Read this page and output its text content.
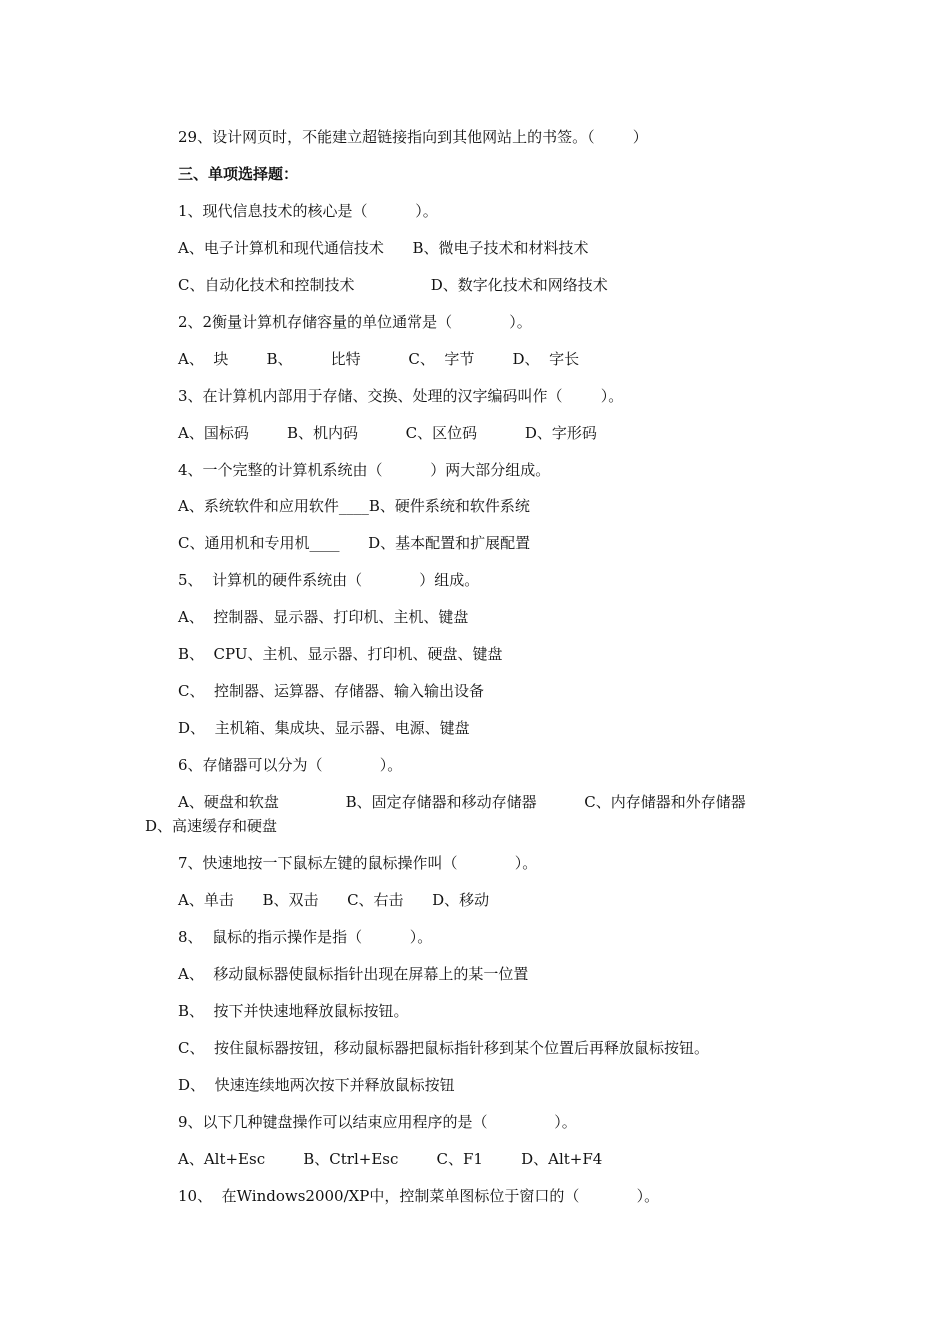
29、设计网页时，不能建立超链接指向到其他网站上的书签。（        ）
三、单项选择题：
1、现代信息技术的核心是（          ）。
A、电子计算机和现代通信技术      B、微电子技术和材料技术
C、自动化技术和控制技术                D、数字化技术和网络技术
2、2衡量计算机存储容量的单位通常是（            ）。
A、  块        B、        比特          C、  字节        D、  字长
3、在计算机内部用于存储、交换、处理的汉字编码叫作（        ）。
A、国标码        B、机内码          C、区位码          D、字形码
4、一个完整的计算机系统由（          ）两大部分组成。
A、系统软件和应用软件____B、硬件系统和软件系统
C、通用机和专用机____      D、基本配置和扩展配置
5、  计算机的硬件系统由（            ）组成。
A、  控制器、显示器、打印机、主机、键盘
B、  CPU、主机、显示器、打印机、硬盘、键盘
C、  控制器、运算器、存储器、输入输出设备
D、  主机箱、集成块、显示器、电源、键盘
6、存储器可以分为（            ）。
A、硬盘和软盘              B、固定存储器和移动存储器          C、内存储器和外存储器
D、高速缓存和硬盘
7、快速地按一下鼠标左键的鼠标操作叫（            ）。
A、单击      B、双击      C、右击      D、移动
8、  鼠标的指示操作是指（          ）。
A、  移动鼠标器使鼠标指针出现在屏幕上的某一位置
B、  按下并快速地释放鼠标按钮。
C、  按住鼠标器按钮，移动鼠标器把鼠标指针移到某个位置后再释放鼠标按钮。
D、  快速连续地两次按下并释放鼠标按钮
9、以下几种键盘操作可以结束应用程序的是（              ）。
A、Alt+Esc        B、Ctrl+Esc        C、F1        D、Alt+F4
10、  在Windows2000/XP中，控制菜单图标位于窗口的（            ）。
